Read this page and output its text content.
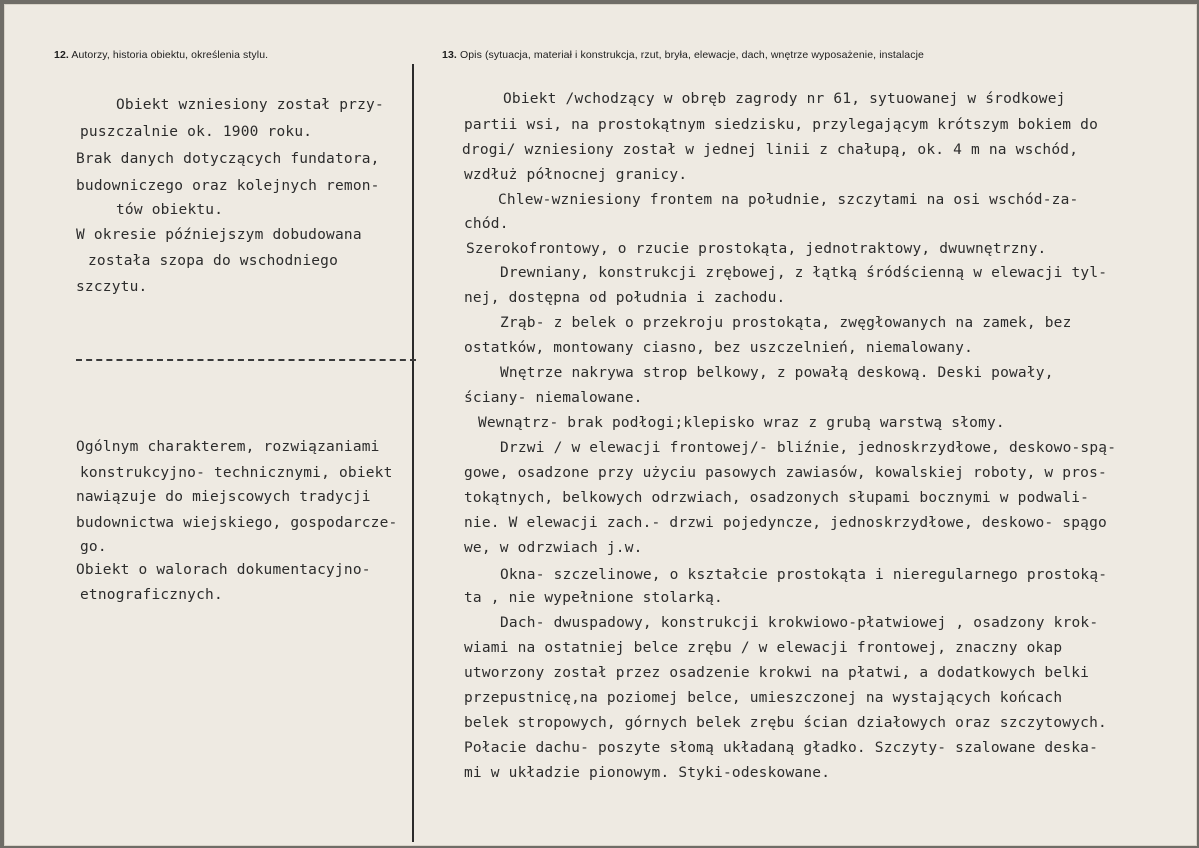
12. Autorzy, historia obiektu, określenia stylu.	13. Opis (sytuacja, materiał i konstrukcja, rzut, bryła, elewacje, dach, wnętrze wyposażenie, instalacje
Obiekt wzniesiony został przy-
puszczalnie ok. 1900 roku.
Brak danych dotyczących fundatora,
budowniczego oraz kolejnych remon-
tów obiektu.
W okresie późniejszym dobudowana
została szopa do wschodniego
szczytu.
Ogólnym charakterem, rozwiązaniami
konstrukcyjno- technicznymi, obiekt
nawiązuje do miejscowych tradycji
budownictwa wiejskiego, gospodarcze-
go.
Obiekt o walorach dokumentacyjno-
etnograficznych.
Obiekt /wchodzący w obręb zagrody nr 61, sytuowanej w środkowej
partii wsi, na prostokątnym siedzisku, przylegającym krótszym bokiem do
drogi/ wzniesiony został w jednej linii z chałupą, ok. 4 m na wschód,
wzdłuż północnej granicy.
Chlew-wzniesiony frontem na południe, szczytami na osi wschód-za-
chód.
Szerokofrontowy, o rzucie prostokąta, jednotraktowy, dwuwnętrzny.
Drewniany, konstrukcji zrębowej, z łątką śródścienną w elewacji tyl-
nej, dostępna od południa i zachodu.
Zrąb- z belek o przekroju prostokąta, zwęgłowanych na zamek, bez
ostatków, montowany ciasno, bez uszczelnień, niemalowany.
Wnętrze nakrywa strop belkowy, z powałą deskową. Deski powały,
ściany- niemalowane.
Wewnątrz- brak podłogi;klepisko wraz z grubą warstwą słomy.
Drzwi / w elewacji frontowej/- bliźnie, jednoskrzydłowe, deskowo-spą-
gowe, osadzone przy użyciu pasowych zawiasów, kowalskiej roboty, w pros-
tokątnych, belkowych odrzwiach, osadzonych słupami bocznymi w podwali-
nie. W elewacji zach.- drzwi pojedyncze, jednoskrzydłowe, deskowo- spągo
we, w odrzwiach j.w.
Okna- szczelinowe, o kształcie prostokąta i nieregularnego prostoką-
ta , nie wypełnione stolarką.
Dach- dwuspadowy, konstrukcji krokwiowo-płatwiowej , osadzony krok-
wiami na ostatniej belce zrębu / w elewacji frontowej, znaczny okap
utworzony został przez osadzenie krokwi na płatwi, a dodatkowych belki
przepustnicę,na poziomej belce, umieszczonej na wystających końcach
belek stropowych, górnych belek zrębu ścian działowych oraz szczytowych.
Połacie dachu- poszyte słomą układaną gładko. Szczyty- szalowane deska-
mi w układzie pionowym. Styki-odeskowane.
